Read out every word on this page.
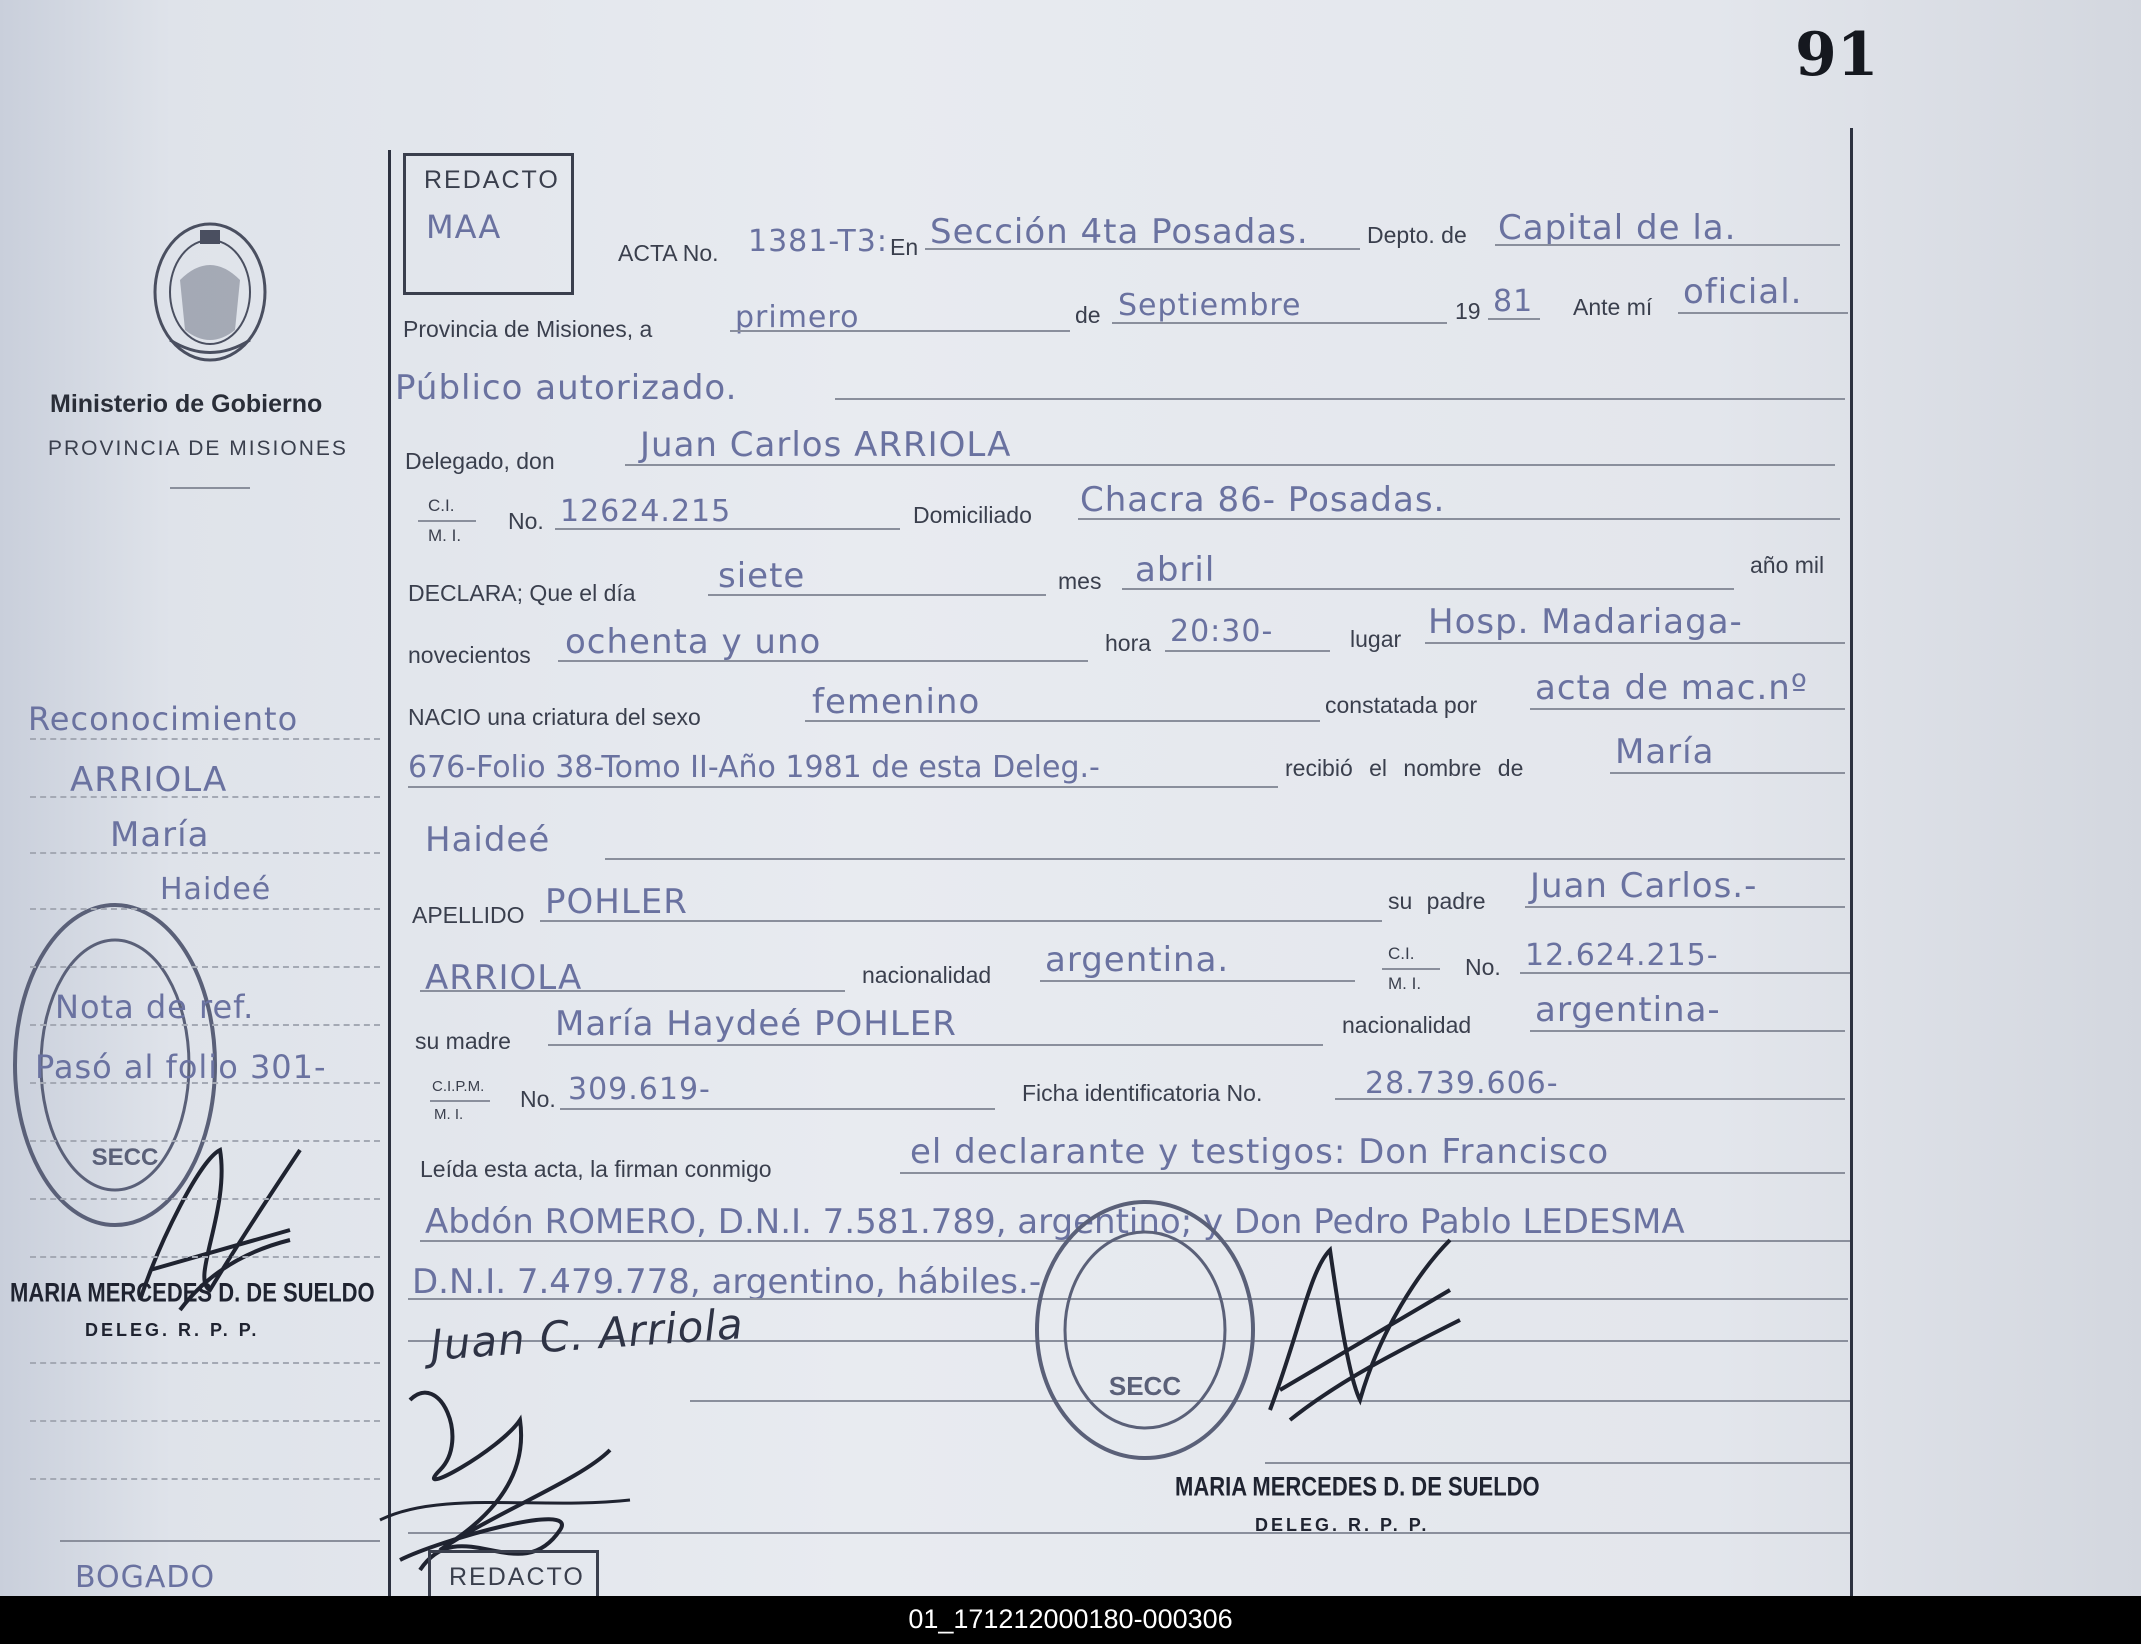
91
Ministerio de Gobierno
PROVINCIA DE MISIONES
REDACTO
MAA
ACTA No. 1381-T3: En Sección 4ta Posadas.	Depto. de Capital de la.
Provincia de Misiones, a	primero	de Septiembre	19 81 Ante mí oficial.
Público autorizado.
Delegado, don	Juan Carlos ARRIOLA
C.I.
M. I.
No. 12624.215	Domiciliado Chacra 86- Posadas.
DECLARA; Que el día siete	mes abril	año mil
novecientos ochenta y uno	hora 20:30-	lugar Hosp. Madariaga-
NACIO una criatura del sexo	femenino	constatada por acta de mac.nº
676-Folio 38-Tomo II-Año 1981 de esta Deleg.-	recibió el nombre de	María
Haideé
APELLIDO POHLER	su padre Juan Carlos.-
ARRIOLA	nacionalidad argentina.	C.I.
M. I.
No. 12.624.215-
su madre María Haydeé POHLER	nacionalidad argentina-
C.I.P.M.
M. I.
No. 309.619-	Ficha identificatoria No.	28.739.606-
Leída esta acta, la firman conmigo	el declarante y testigos: Don Francisco
Abdón ROMERO, D.N.I. 7.581.789, argentino; y Don Pedro Pablo LEDESMA
D.N.I. 7.479.778, argentino, hábiles.-
Juan C. Arriola
SECC
SECC
MARIA MERCEDES D. DE SUELDO
DELEG. R. P. P.
MARIA MERCEDES D. DE SUELDO
DELEG. R. P. P.
Reconocimiento
ARRIOLA
María
Haideé
Nota de ref.
Pasó al folio 301-
BOGADO	REDACTO
01_171212000180-000306
